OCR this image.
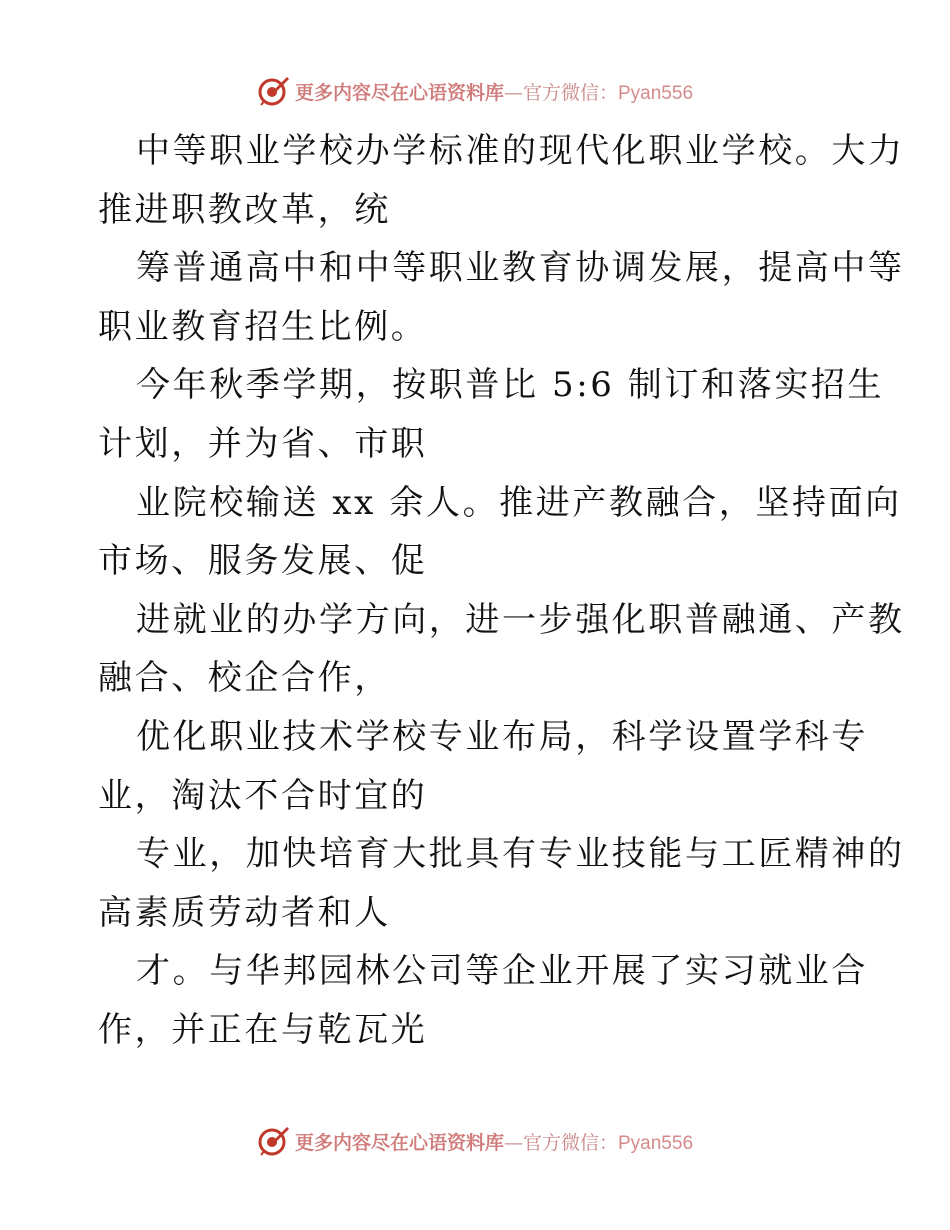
更多内容尽在心语资料库—官方微信：Pyan556
中等职业学校办学标准的现代化职业学校。大力
推进职教改革，统
筹普通高中和中等职业教育协调发展，提高中等
职业教育招生比例。
今年秋季学期，按职普比 5:6 制订和落实招生
计划，并为省、市职
业院校输送 xx 余人。推进产教融合，坚持面向
市场、服务发展、促
进就业的办学方向，进一步强化职普融通、产教
融合、校企合作，
优化职业技术学校专业布局，科学设置学科专
业，淘汰不合时宜的
专业，加快培育大批具有专业技能与工匠精神的
高素质劳动者和人
才。与华邦园林公司等企业开展了实习就业合
作，并正在与乾瓦光
更多内容尽在心语资料库—官方微信：Pyan556
